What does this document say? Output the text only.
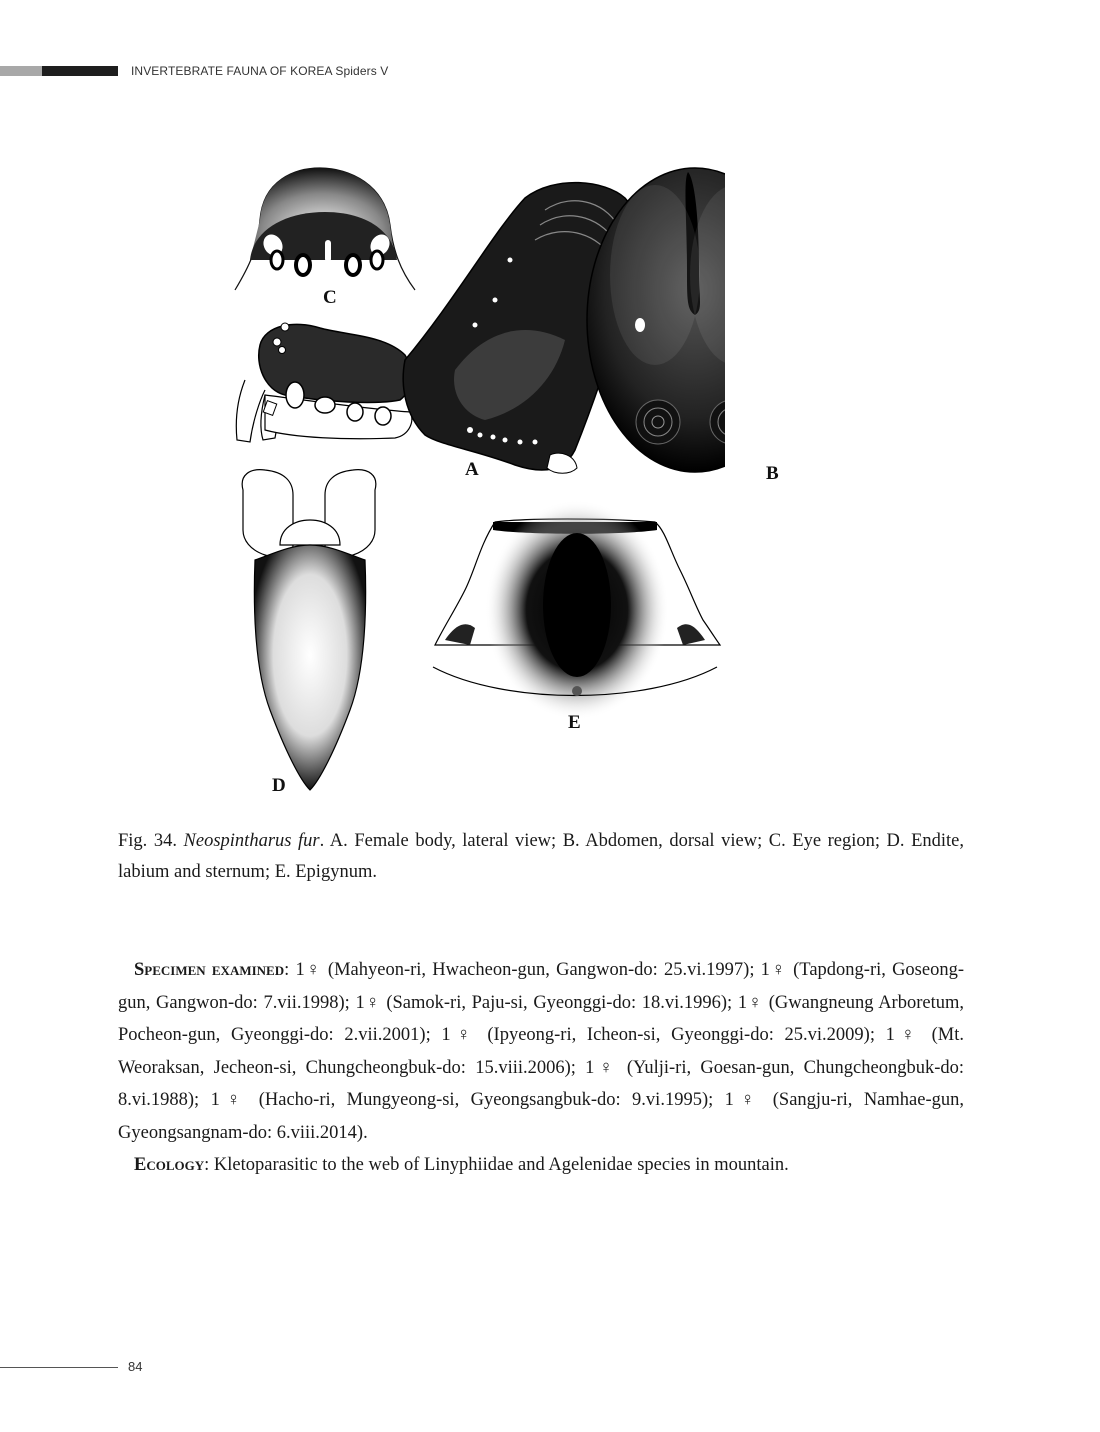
INVERTEBRATE FAUNA OF KOREA Spiders V
C
A	B
E
D
Fig. 34. Neospintharus fur. A. Female body, lateral view; B. Abdomen, dorsal view; C. Eye region; D. Endite, labium and sternum; E. Epigynum.

Specimen examined: 1♀ (Mahyeon-ri, Hwacheon-gun, Gangwon-do: 25.vi.1997); 1♀ (Tapdong-ri, Goseong-gun, Gangwon-do: 7.vii.1998); 1♀ (Samok-ri, Paju-si, Gyeonggi-do: 18.vi.1996); 1♀ (Gwangneung Arboretum, Pocheon-gun, Gyeonggi-do: 2.vii.2001); 1♀ (Ipyeong-ri, Icheon-si, Gyeonggi-do: 25.vi.2009); 1♀ (Mt. Weoraksan, Jecheon-si, Chungcheongbuk-do: 15.viii.2006); 1♀ (Yulji-ri, Goesan-gun, Chungcheongbuk-do: 8.vi.1988); 1♀ (Hacho-ri, Mungyeong-si, Gyeongsangbuk-do: 9.vi.1995); 1♀ (Sangju-ri, Namhae-gun, Gyeongsangnam-do: 6.viii.2014).

Ecology: Kletoparasitic to the web of Linyphiidae and Agelenidae species in mountain.

84
